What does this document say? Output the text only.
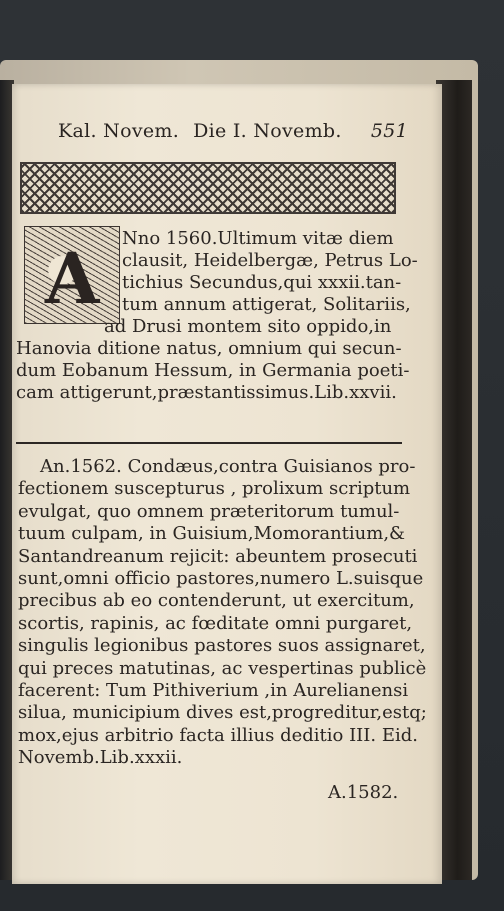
Kal. Novem. Die I. Novemb. 551
A	Nno 1560.Ultimum vitæ diem
clausit, Heidelbergæ, Petrus Lo-
tichius Secundus,qui xxxii.tan-
tum annum attigerat, Solitariis,
ad Drusi montem sito oppido,in
Hanovia ditione natus, omnium qui secun-
dum Eobanum Hessum, in Germania poeti-
cam attigerunt,præstantissimus.Lib.xxvii.
An.1562. Condæus,contra Guisianos pro-
fectionem suscepturus , prolixum scriptum
evulgat, quo omnem præteritorum tumul-
tuum culpam, in Guisium,Momorantium,&
Santandreanum rejicit: abeuntem prosecuti
sunt,omni officio pastores,numero L.suisque
precibus ab eo contenderunt, ut exercitum,
scortis, rapinis, ac fœditate omni purgaret,
singulis legionibus pastores suos assignaret,
qui preces matutinas, ac vespertinas publicè
facerent: Tum Pithiverium ,in Aurelianensi
silua, municipium dives est,progreditur,estq;
mox,ejus arbitrio facta illius deditio III. Eid.
Novemb.Lib.xxxii.
A.1582.
